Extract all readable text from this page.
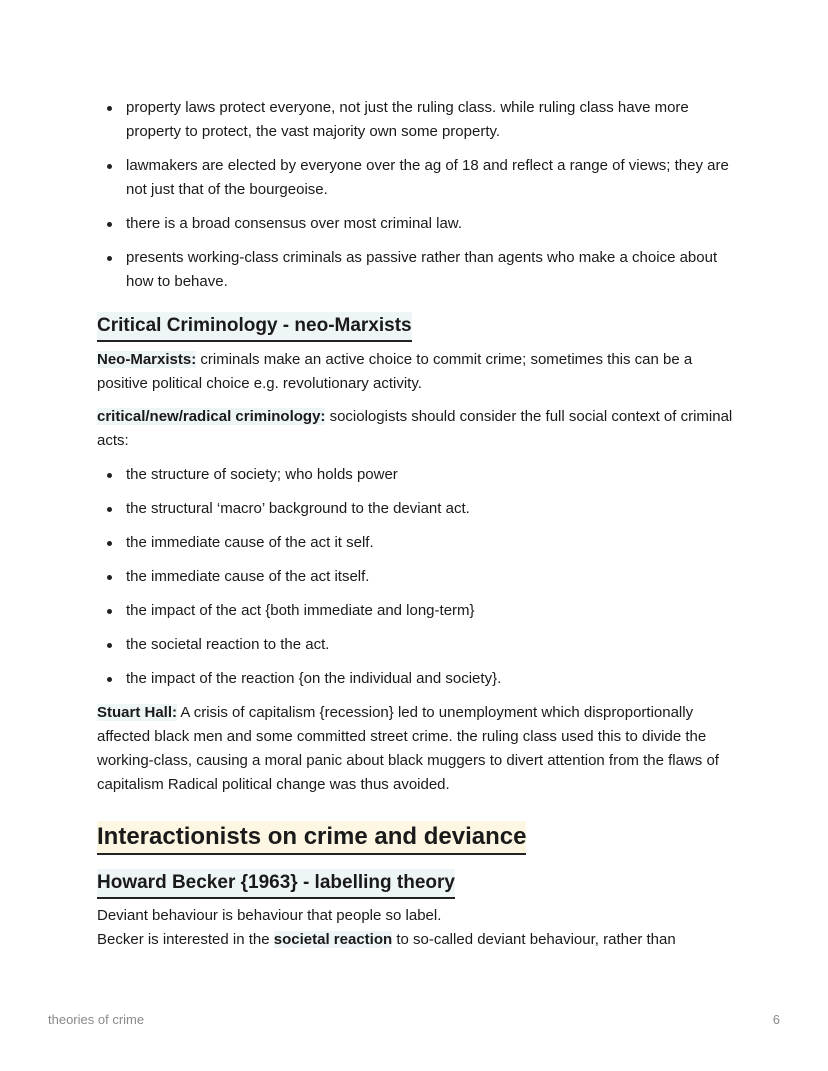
property laws protect everyone, not just the ruling class. while ruling class have more property to protect, the vast majority own some property.
lawmakers are elected by everyone over the ag of 18 and reflect a range of views; they are not just that of the bourgeoise.
there is a broad consensus over most criminal law.
presents working-class criminals as passive rather than agents who make a choice about how to behave.
Critical Criminology - neo-Marxists

Neo-Marxists: criminals make an active choice to commit crime; sometimes this can be a positive political choice e.g. revolutionary activity.

critical/new/radical criminology: sociologists should consider the full social context of criminal acts:

the structure of society; who holds power
the structural ‘macro’ background to the deviant act.
the immediate cause of the act it self.
the immediate cause of the act itself.
the impact of the act {both immediate and long-term}
the societal reaction to the act.
the impact of the reaction {on the individual and society}.

Stuart Hall: A crisis of capitalism {recession} led to unemployment which disproportionally affected black men and some committed street crime. the ruling class used this to divide the working-class, causing a moral panic about black muggers to divert attention from the flaws of capitalism Radical political change was thus avoided.

Interactionists on crime and deviance
Howard Becker {1963} - labelling theory

Deviant behaviour is behaviour that people so label.

Becker is interested in the societal reaction to so-called deviant behaviour, rather than

theories of crime	6
